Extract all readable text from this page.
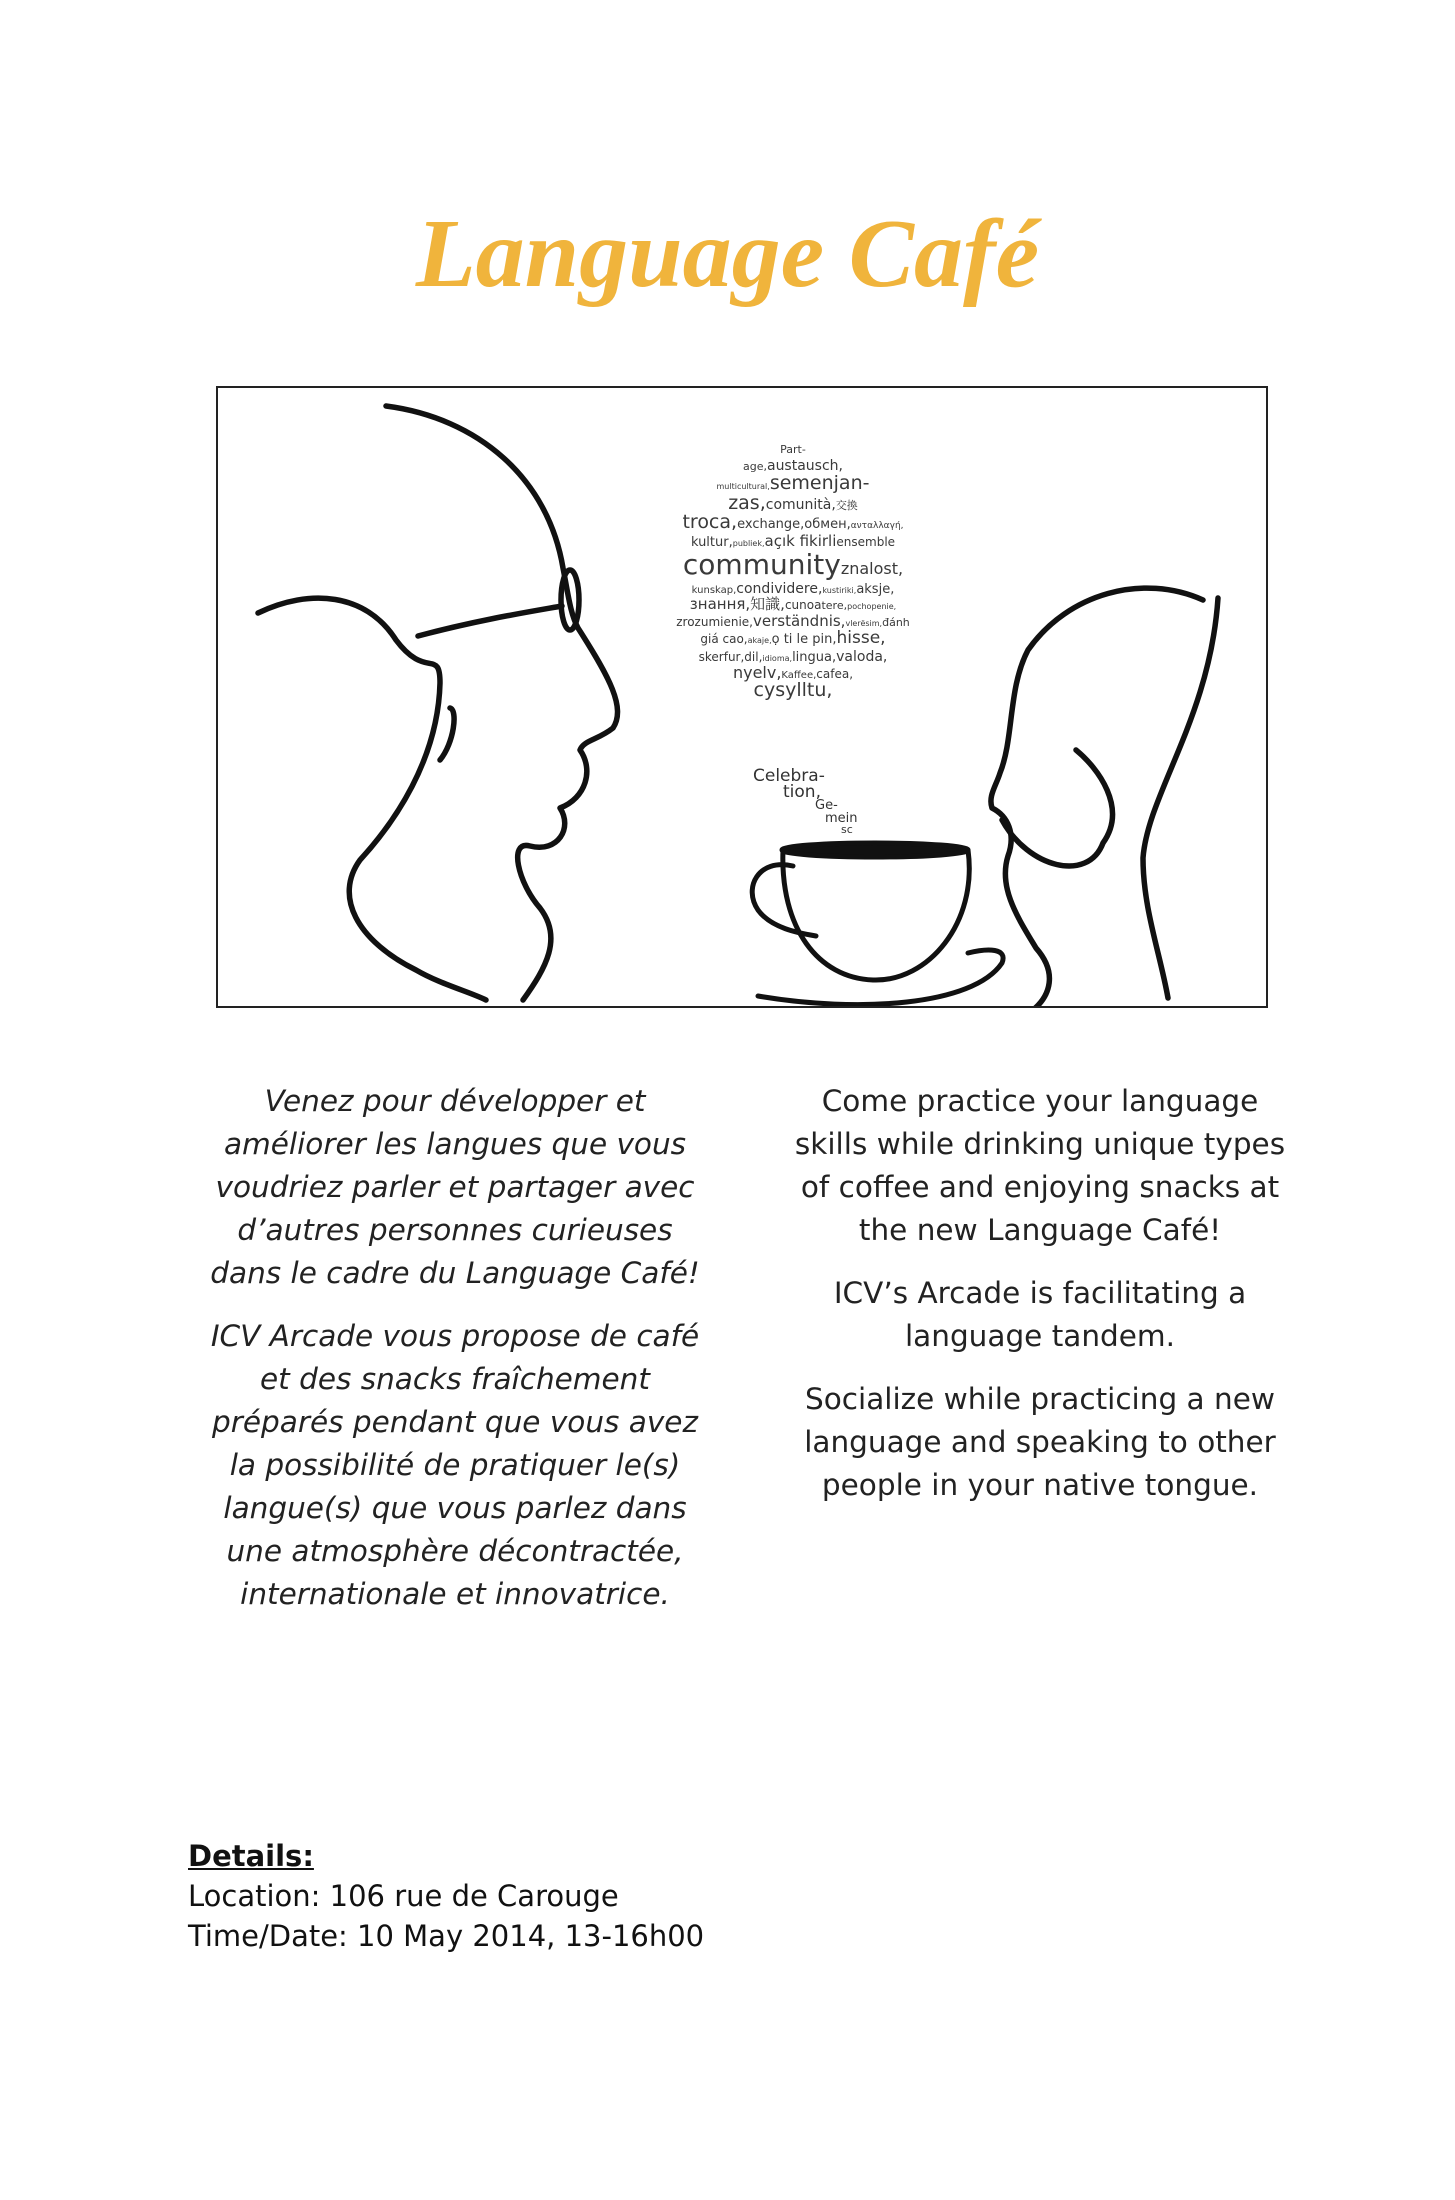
Language Café
Part-
age,austausch,
multicultural,semenjan-
zas,comunità,交換
troca,exchange,обмен,ανταλλαγή,
kultur,publiek,açık fikirliensemble
communityznalost,
kunskap,condividere,kustiriki,aksje,
знання,知識,cunoatere,pochopenie,
zrozumienie,verständnis,vlerësim,đánh
giá cao,akaje,ọ ti le pin,hisse,
skerfur,dil,idioma,lingua,valoda,
nyelv,Kaffee,cafea,
cysylltu,
Celebra-
tion,
Ge-
mein
sc

Venez pour développer et améliorer les langues que vous voudriez parler et partager avec d’autres personnes curieuses dans le cadre du Language Café!

ICV Arcade vous propose de café et des snacks fraîchement préparés pendant que vous avez la possibilité de pratiquer le(s) langue(s) que vous parlez dans une atmosphère décontractée, internationale et innovatrice.

Come practice your language skills while drinking unique types of coffee and enjoying snacks at the new Language Café!

ICV’s Arcade is facilitating a language tandem.

Socialize while practicing a new language and speaking to other people in your native tongue.

Details:
Location: 106 rue de Carouge
Time/Date: 10 May 2014, 13-16h00
